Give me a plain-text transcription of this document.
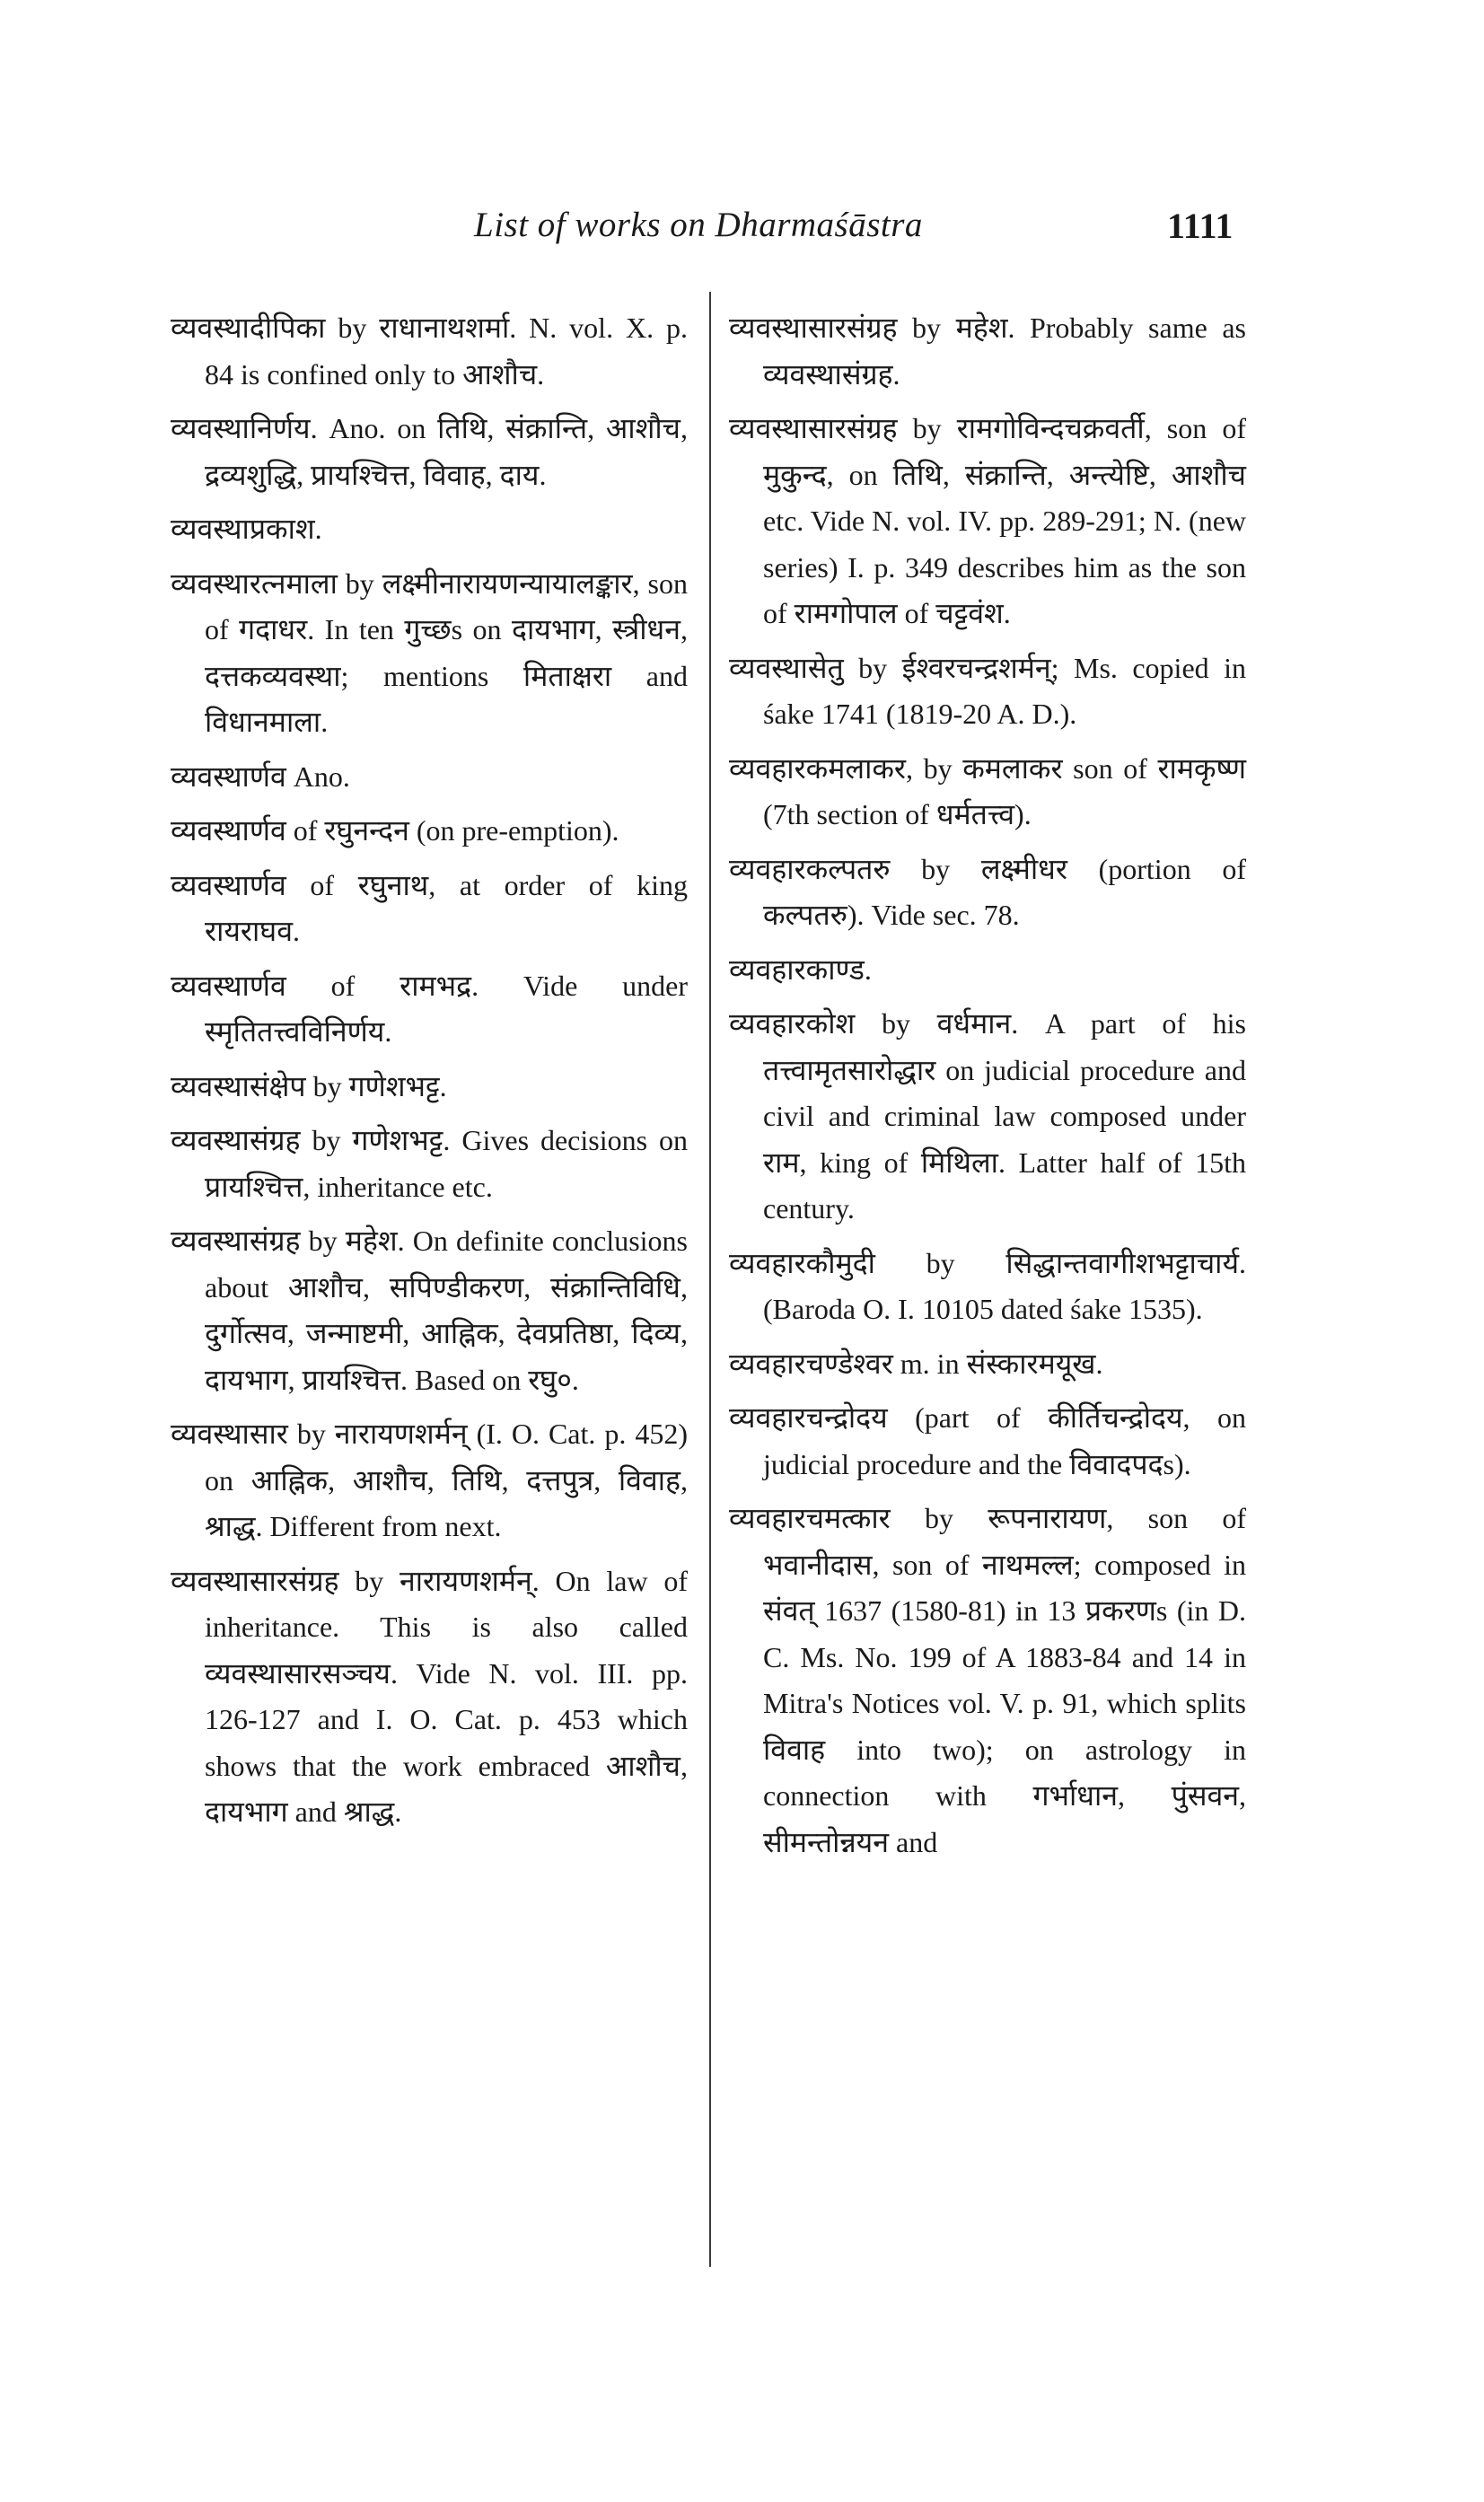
List of works on Dharmaśāstra	1111

व्यवस्थादीपिका by राधानाथशर्मा. N. vol. X. p. 84 is confined only to आशौच.

व्यवस्थानिर्णय. Ano. on तिथि, संक्रान्ति, आशौच, द्रव्यशुद्धि, प्रायश्चित्त, विवाह, दाय.

व्यवस्थाप्रकाश.

व्यवस्थारत्नमाला by लक्ष्मीनारायणन्यायालङ्कार, son of गदाधर. In ten गुच्छs on दायभाग, स्त्रीधन, दत्तकव्यवस्था; mentions मिताक्षरा and विधानमाला.

व्यवस्थार्णव Ano.

व्यवस्थार्णव of रघुनन्दन (on pre-emption).

व्यवस्थार्णव of रघुनाथ, at order of king रायराघव.

व्यवस्थार्णव of रामभद्र. Vide under स्मृतितत्त्वविनिर्णय.

व्यवस्थासंक्षेप by गणेशभट्ट.

व्यवस्थासंग्रह by गणेशभट्ट. Gives decisions on प्रायश्चित्त, inheritance etc.

व्यवस्थासंग्रह by महेश. On definite conclusions about आशौच, सपिण्डीकरण, संक्रान्तिविधि, दुर्गोत्सव, जन्माष्टमी, आह्निक, देवप्रतिष्ठा, दिव्य, दायभाग, प्रायश्चित्त. Based on रघु०.

व्यवस्थासार by नारायणशर्मन् (I. O. Cat. p. 452) on आह्निक, आशौच, तिथि, दत्तपुत्र, विवाह, श्राद्ध. Different from next.

व्यवस्थासारसंग्रह by नारायणशर्मन्. On law of inheritance. This is also called व्यवस्थासारसञ्चय. Vide N. vol. III. pp. 126-127 and I. O. Cat. p. 453 which shows that the work embraced आशौच, दायभाग and श्राद्ध.

व्यवस्थासारसंग्रह by महेश. Probably same as व्यवस्थासंग्रह.

व्यवस्थासारसंग्रह by रामगोविन्दचक्रवर्ती, son of मुकुन्द, on तिथि, संक्रान्ति, अन्त्येष्टि, आशौच etc. Vide N. vol. IV. pp. 289-291; N. (new series) I. p. 349 describes him as the son of रामगोपाल of चट्टवंश.

व्यवस्थासेतु by ईश्वरचन्द्रशर्मन्; Ms. copied in śake 1741 (1819-20 A. D.).

व्यवहारकमलाकर, by कमलाकर son of रामकृष्ण (7th section of धर्मतत्त्व).

व्यवहारकल्पतरु by लक्ष्मीधर (portion of कल्पतरु). Vide sec. 78.

व्यवहारकाण्ड.

व्यवहारकोश by वर्धमान. A part of his तत्त्वामृतसारोद्धार on judicial procedure and civil and criminal law composed under राम, king of मिथिला. Latter half of 15th century.

व्यवहारकौमुदी by सिद्धान्तवागीशभट्टाचार्य. (Baroda O. I. 10105 dated śake 1535).

व्यवहारचण्डेश्वर m. in संस्कारमयूख.

व्यवहारचन्द्रोदय (part of कीर्तिचन्द्रोदय, on judicial procedure and the विवादपदs).

व्यवहारचमत्कार by रूपनारायण, son of भवानीदास, son of नाथमल्ल; composed in संवत् 1637 (1580-81) in 13 प्रकरणs (in D. C. Ms. No. 199 of A 1883-84 and 14 in Mitra's Notices vol. V. p. 91, which splits विवाह into two); on astrology in connection with गर्भाधान, पुंसवन, सीमन्तोन्नयन and
